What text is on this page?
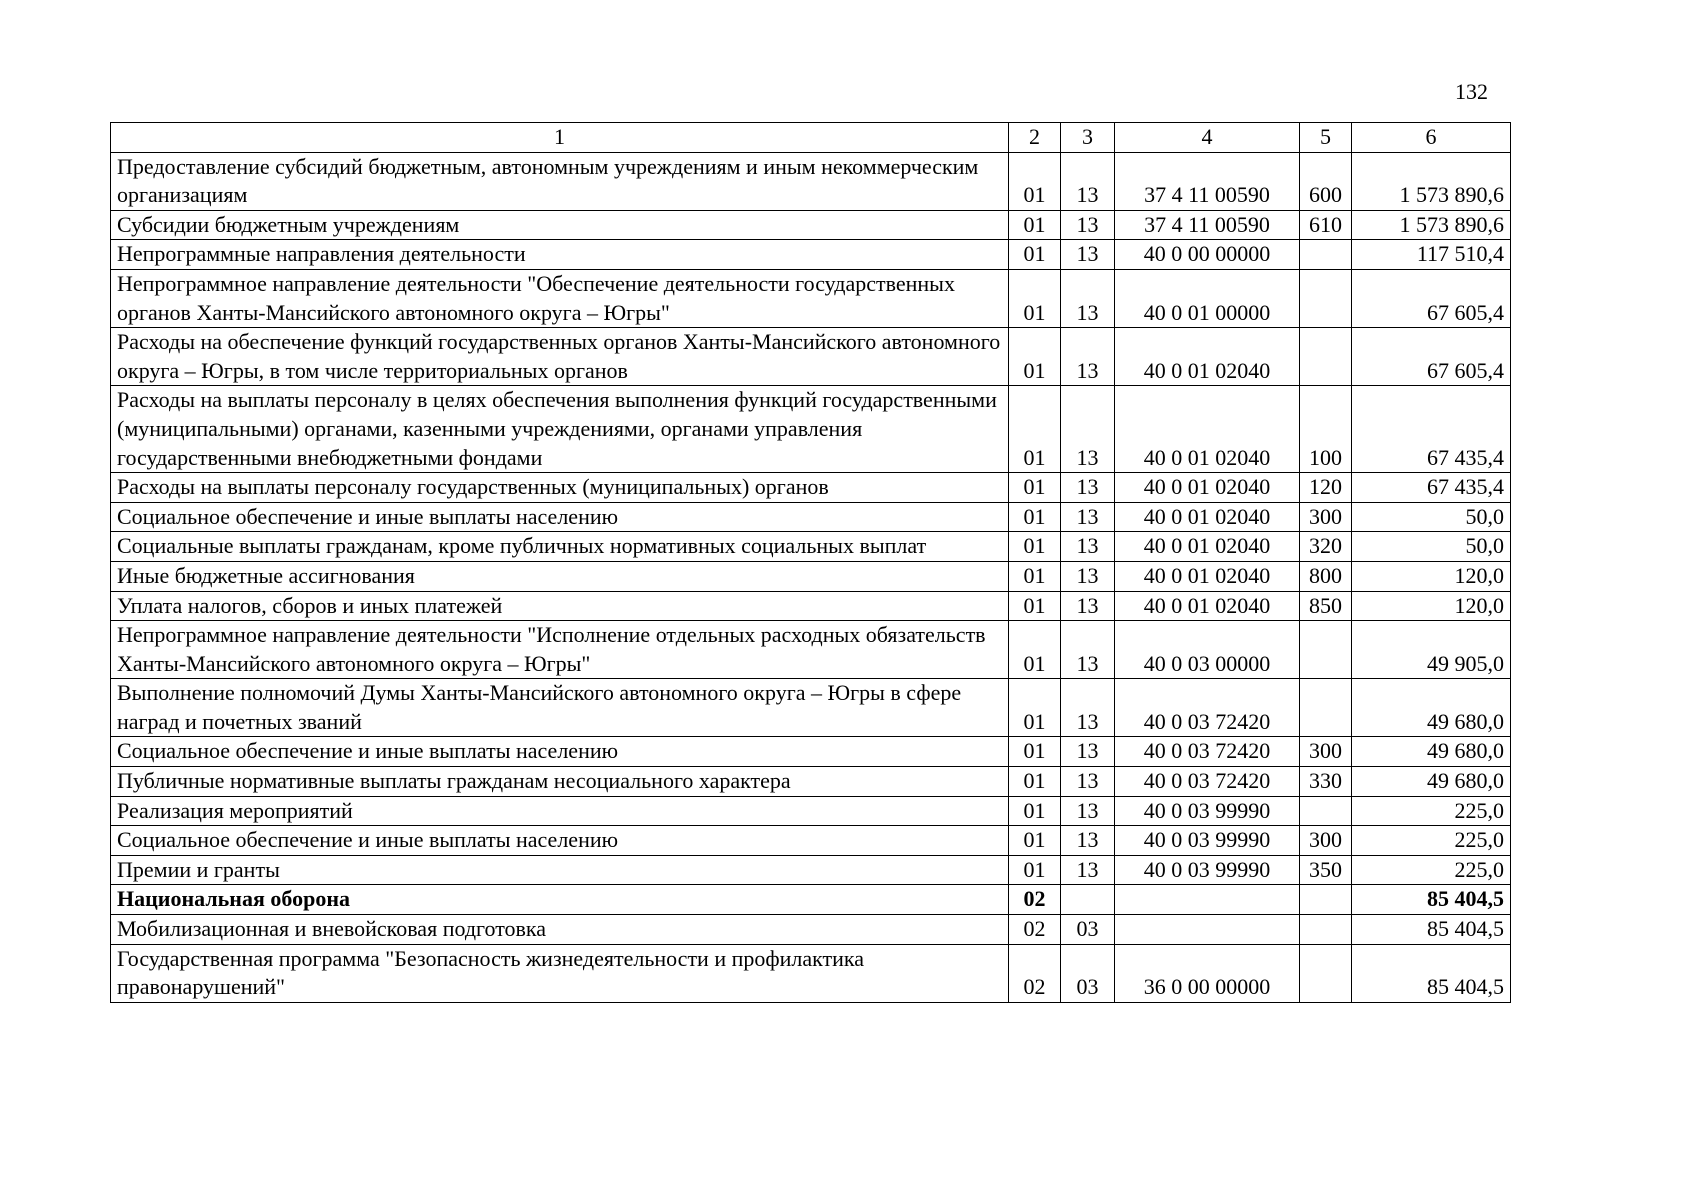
132
1	2	3	4	5	6
Предоставление субсидий бюджетным, автономным учреждениям и иным некоммерческим организациям	01	13	37 4 11 00590	600	1 573 890,6
Субсидии бюджетным учреждениям	01	13	37 4 11 00590	610	1 573 890,6
Непрограммные направления деятельности	01	13	40 0 00 00000		117 510,4
Непрограммное направление деятельности "Обеспечение деятельности государственных органов Ханты-Мансийского автономного округа – Югры"	01	13	40 0 01 00000		67 605,4
Расходы на обеспечение функций государственных органов Ханты-Мансийского автономного округа – Югры, в том числе территориальных органов	01	13	40 0 01 02040		67 605,4
Расходы на выплаты персоналу в целях обеспечения выполнения функций государственными (муниципальными) органами, казенными учреждениями, органами управления государственными внебюджетными фондами	01	13	40 0 01 02040	100	67 435,4
Расходы на выплаты персоналу государственных (муниципальных) органов	01	13	40 0 01 02040	120	67 435,4
Социальное обеспечение и иные выплаты населению	01	13	40 0 01 02040	300	50,0
Социальные выплаты гражданам, кроме публичных нормативных социальных выплат	01	13	40 0 01 02040	320	50,0
Иные бюджетные ассигнования	01	13	40 0 01 02040	800	120,0
Уплата налогов, сборов и иных платежей	01	13	40 0 01 02040	850	120,0
Непрограммное направление деятельности "Исполнение отдельных расходных обязательств Ханты-Мансийского автономного округа – Югры"	01	13	40 0 03 00000		49 905,0
Выполнение полномочий Думы Ханты-Мансийского автономного округа – Югры в сфере наград и почетных званий	01	13	40 0 03 72420		49 680,0
Социальное обеспечение и иные выплаты населению	01	13	40 0 03 72420	300	49 680,0
Публичные нормативные выплаты гражданам несоциального характера	01	13	40 0 03 72420	330	49 680,0
Реализация мероприятий	01	13	40 0 03 99990		225,0
Социальное обеспечение и иные выплаты населению	01	13	40 0 03 99990	300	225,0
Премии и гранты	01	13	40 0 03 99990	350	225,0
Национальная оборона	02				85 404,5
Мобилизационная и вневойсковая подготовка	02	03			85 404,5
Государственная программа "Безопасность жизнедеятельности и профилактика правонарушений"	02	03	36 0 00 00000		85 404,5
